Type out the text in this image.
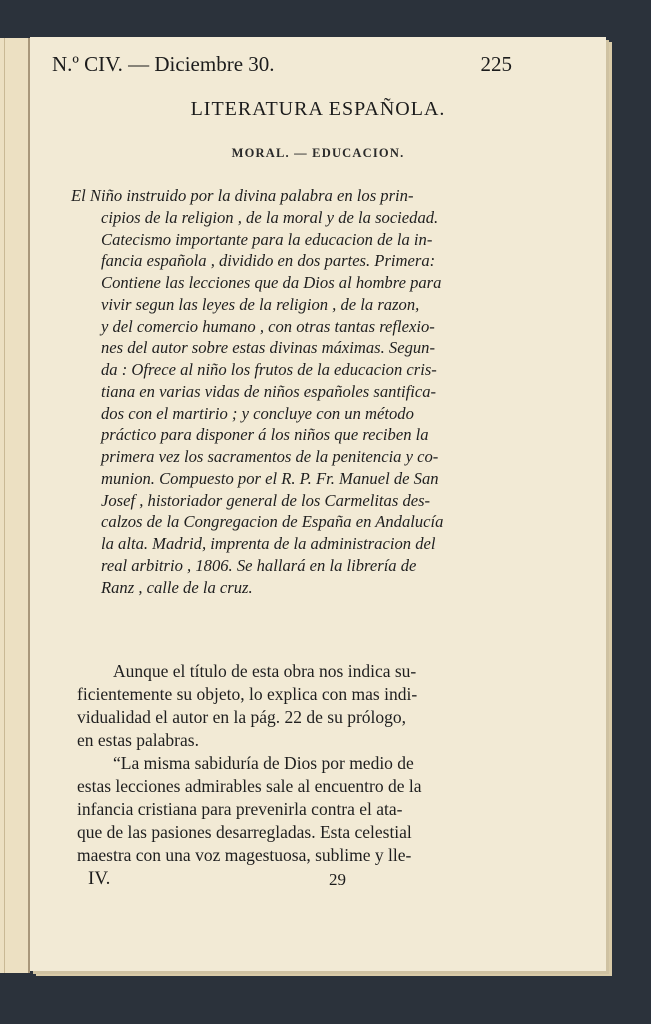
N.º CIV. — Diciembre 30.	225
LITERATURA ESPAÑOLA.
MORAL. — EDUCACION.
El Niño instruido por la divina palabra en los prin-
cipios de la religion , de la moral y de la sociedad.
Catecismo importante para la educacion de la in-
fancia española , dividido en dos partes. Primera:
Contiene las lecciones que da Dios al hombre para
vivir segun las leyes de la religion , de la razon,
y del comercio humano , con otras tantas reflexio-
nes del autor sobre estas divinas máximas. Segun-
da : Ofrece al niño los frutos de la educacion cris-
tiana en varias vidas de niños españoles santifica-
dos con el martirio ; y concluye con un método
práctico para disponer á los niños que reciben la
primera vez los sacramentos de la penitencia y co-
munion. Compuesto por el R. P. Fr. Manuel de San
Josef , historiador general de los Carmelitas des-
calzos de la Congregacion de España en Andalucía
la alta. Madrid, imprenta de la administracion del
real arbitrio , 1806. Se hallará en la librería de
Ranz , calle de la cruz.
Aunque el título de esta obra nos indica su-
ficientemente su objeto, lo explica con mas indi-
vidualidad el autor en la pág. 22 de su prólogo,
en estas palabras.
“La misma sabiduría de Dios por medio de
estas lecciones admirables sale al encuentro de la
infancia cristiana para prevenirla contra el ata-
que de las pasiones desarregladas. Esta celestial
maestra con una voz magestuosa, sublime y lle-
IV.	29
